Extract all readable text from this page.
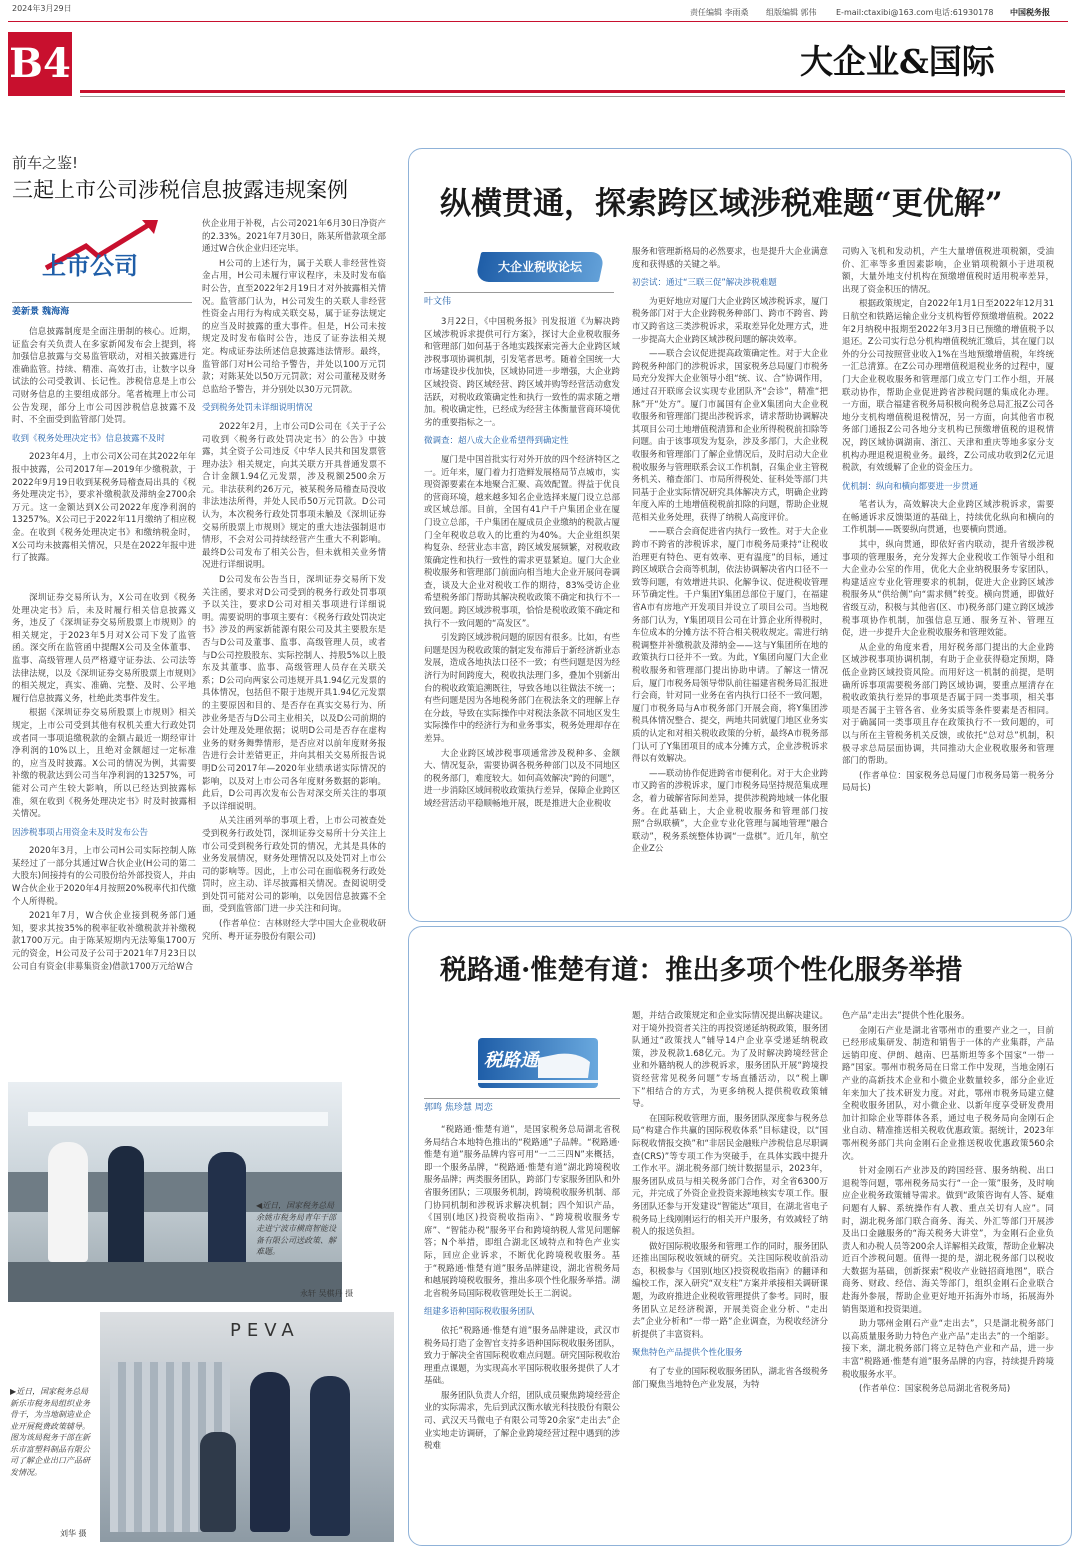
2024年3月29日	责任编辑 李雨桑 组版编辑 郭伟 E-mail:ctaxibi@163.com 电话:61930178 中国税务报
B4	大企业&国际
前车之鉴!
三起上市公司涉税信息披露违规案例
上市公司
姜新景 魏海海

信息披露制度是全面注册制的核心。近期，证监会有关负责人在多家新闻发布会上提到，将加强信息披露与交易监管联动，对相关披露进行准确监管。持续、精准、高效打击，让数字以身试法的公司受教训、长记性。涉税信息是上市公司财务信息的主要组成部分。笔者梳理上市公司公告发现，部分上市公司因涉税信息披露不及时、不全面受到监管部门处罚。

收到《税务处理决定书》信息披露不及时

2023年4月，上市公司X公司在其2022年年报中披露，公司2017年—2019年少缴税款，于2022年9月19日收到某税务局稽查局出具的《税务处理决定书》，要求补缴税款及滞纳金2700余万元。这一金额达到X公司2022年度净利润的13257%。X公司已于2022年11月缴纳了相应税金。在收到《税务处理决定书》和缴纳税金时，X公司均未披露相关情况，只是在2022年报中进行了披露。

深圳证券交易所认为，X公司在收到《税务处理决定书》后，未及时履行相关信息披露义务，违反了《深圳证券交易所股票上市规则》的相关规定，于2023年5月对X公司下发了监管函。深交所在监管函中提醒X公司及全体董事、监事、高级管理人员严格遵守证券法、公司法等法律法规，以及《深圳证券交易所股票上市规则》的相关规定，真实、准确、完整、及时、公平地履行信息披露义务，杜绝此类事件发生。

根据《深圳证券交易所股票上市规则》相关规定，上市公司受到其他有权机关重大行政处罚或者同一事项追缴税款的金额占最近一期经审计净利润的10%以上，且绝对金额超过一定标准的，应当及时披露。X公司的情况为例，其需要补缴的税款达到公司当年净利润的13257%，可能对公司产生较大影响，所以已经达到披露标准，须在收到《税务处理决定书》时及时披露相关情况。

因涉税事项占用资金未及时发布公告

2020年3月，上市公司H公司实际控制人陈某经过了一部分其通过W合伙企业(H公司的第二大股东)间接持有的公司股份给外部投资人，并由W合伙企业于2020年4月按照20%税率代扣代缴个人所得税。

2021年7月，W合伙企业接到税务部门通知，要求其按35%的税率征收补缴税款并补缴税款1700万元。由于陈某短期内无法筹集1700万元的资金，H公司及子公司于2021年7月23日以公司自有资金(非募集资金)借款1700万元给W合

伙企业用于补税，占公司2021年6月30日净资产的2.33%。2021年7月30日，陈某所借款项全部通过W合伙企业归还完毕。

H公司的上述行为，属于关联人非经营性资金占用，H公司未履行审议程序，未及时发布临时公告，直至2022年2月19日才对外披露相关情况。监管部门认为，H公司发生的关联人非经营性资金占用行为构成关联交易，属于证券法规定的应当及时披露的重大事件。但是，H公司未按规定及时发布临时公告，违反了证券法相关规定。构成证券法所述信息披露违法情形。最终，监管部门对H公司给予警告，并处以100万元罚款；对陈某处以50万元罚款；对公司董秘及财务总监给予警告，并分别处以30万元罚款。

受到税务处罚未详细说明情况

2022年2月，上市公司D公司在《关于子公司收到〈税务行政处罚决定书〉的公告》中披露，其全资子公司违反《中华人民共和国发票管理办法》相关规定，向其关联方开具普通发票不合计金额1.94亿元发票，涉及税额2500余万元。非法获利约26万元，被某税务局稽查局没收非法违法所得，并处人民币50万元罚款。D公司认为，本次税务行政处罚事项未触及《深圳证券交易所股票上市规则》规定的重大违法强制退市情形，不会对公司持续经营产生重大不利影响。最终D公司发布了相关公告，但未就相关业务情况进行详细说明。

D公司发布公告当日，深圳证券交易所下发关注函，要求对D公司受到的税务行政处罚事项予以关注，要求D公司对相关事项进行详细说明。需要说明的事项主要有：《税务行政处罚决定书》涉及的两家新能源有限公司及其主要股东是否与D公司及董事、监事、高级管理人员，或者与D公司控股股东、实际控制人、持股5%以上股东及其董事、监事、高级管理人员存在关联关系；D公司向两家公司违规开具1.94亿元发票的具体情况，包括但不限于违规开具1.94亿元发票的主要原因和目的、是否存在真实交易行为、所涉业务是否与D公司主业相关，以及D公司前期的会计处理及处理依据；说明D公司是否存在虚构业务的财务舞弊情形，是否应对以前年度财务报告进行会计差错更正，并向其相关交易所报告说明D公司2017年—2020年业绩承诺实际情况的影响，以及对上市公司各年度财务数据的影响。此后，D公司再次发布公告对深交所关注的事项予以详细说明。

从关注函列举的事项上看，上市公司被查处受到税务行政处罚，深圳证券交易所十分关注上市公司受到税务行政处罚的情况，尤其是具体的业务发展情况，财务处理情况以及处罚对上市公司的影响等。因此，上市公司在面临税务行政处罚时，应主动、详尽披露相关情况。查阅说明受到处罚可能对公司的影响，以免因信息披露不全面，受到监管部门进一步关注和问询。

(作者单位：吉林财经大学中国大企业税收研究所、粤开证券股份有限公司)

◀近日，国家税务总局余姚市税务局青年干部走进宁波市横商智能设备有限公司送政策、解难题。
永轩 吴棋丹 摄
PEVA
▶近日，国家税务总局新乐市税务局组织业务骨干，为当地制造业企业开展税费政策辅导。图为该局税务干部在新乐市富塑料制品有限公司了解企业出口产品研发情况。
刘华 摄
纵横贯通，探索跨区域涉税难题“更优解”
大企业税收论坛
叶文伟

3月22日，《中国税务报》刊发报道《为解决跨区域涉税诉求提供可行方案》，探讨大企业税收服务和管理部门如何基于各地实践探索完善大企业跨区域涉税事项协调机制，引发笔者思考。随着全国统一大市场建设步伐加快，区域协同进一步增强，大企业跨区域投资、跨区域经营、跨区域并购等经营活动愈发活跃，对税收政策确定性和执行一致性的需求随之增加。税收确定性，已经成为经营主体衡量营商环境优劣的重要指标之一。

微调查：超八成大企业希望得到确定性

厦门是中国首批实行对外开放的四个经济特区之一。近年来，厦门着力打造鲜发展格局节点城市，实现资源要素在本地聚合汇聚、高效配置。得益于优良的营商环境，越来越多知名企业选择来厦门设立总部或区域总部。目前，全国有41户千户集团企业在厦门设立总部，千户集团在厦成员企业缴纳的税款占厦门全年税收总收入的比重约为40%。大企业组织架构复杂、经营业态丰富，跨区域发展频繁，对税收政策确定性和执行一致性的需求更显紧迫。厦门大企业税收服务和管理部门前面向相当地大企业开展问卷调查，谈及大企业对税收工作的期待，83%受访企业希望税务部门帮助其解决税收政策不确定和执行不一致问题。跨区域涉税事项，恰恰是税收政策不确定和执行不一致问题的“高发区”。

引发跨区域涉税问题的原因有很多。比如，有些问题是因为税收政策的制定发布滞后于新经济新业态发展，造成各地执法口径不一致；有些问题是因为经济行为时间跨度大，税收执法理门多，叠加个别新出台的税收政策追溯既往，导致各地以往做法不统一；有些问题是因为各地税务部门在税法条文的理解上存在分歧，导致在实际操作中对税法条款不同地区发生实际操作中的经济行为和业务事实，税务处理却存在差异。

大企业跨区域涉税事项通常涉及税种多、金额大、情况复杂，需要协调各税务种部门以及不同地区的税务部门，难度较大。如何高效解决“跨的问题”，进一步消除区域间税收政策执行差异，保障企业跨区域经营活动平稳顺畅地开展，既是推进大企业税收

服务和管理新格局的必然要求，也是提升大企业满意度和获得感的关键之举。

初尝试：通过“三联三促”解决涉税难题

为更好地应对厦门大企业跨区域涉税诉求，厦门税务部门对于大企业跨税务种部门、跨市不跨省、跨市又跨省这三类涉税诉求，采取差异化处理方式，进一步提高大企业跨区域涉税问题的解决效率。

——联合会议促进提高政策确定性。对于大企业跨税务种部门的涉税诉求，国家税务总局厦门市税务局充分发挥大企业领导小组“统、议、合”协调作用，通过召开联席会议实现专业团队齐“会诊”，精准“把脉”开“处方”。厦门市属国有企业X集团向大企业税收服务和管理部门提出涉税诉求，请求帮助协调解决其项目公司土地增值税清算和企业所得税税前扣除等问题。由于该事项发为复杂，涉及多部门，大企业税收服务和管理部门了解企业情况后，及时启动大企业税收服务与管理联系会议工作机制，召集企业主管税务机关、稽查部门、市局所得税处、征科处等部门共同基于企业实际情况研究具体解决方式，明确企业跨年度入库的土地增值税税前扣除的问题，帮助企业规范相关业务处理，获得了纳税人高度评价。

——联合会商促进省内执行一致性。对于大企业跨市不跨省的涉税诉求，厦门市税务局秉持“让税收治理更有特色、更有效率、更有温度”的目标，通过跨区域联合会商等机制，依法协调解决省内口径不一致等问题，有效增进共识、化解争议、促进税收管理环节确定性。千户集团Y集团总部位于厦门，在福建省A市有房地产开发项目并设立了项目公司。当地税务部门认为，Y集团项目公司在计算企业所得税时，车位成本的分摊方法不符合相关税收规定。需进行纳税调整并补缴税款及滞纳金——这与Y集团所在地的政策执行口径并不一致。为此，Y集团向厦门大企业税收服务和管理部门提出协助申请。了解这一情况后，厦门市税务局领导带队前往福建省税务局汇报进行会商，针对同一业务在省内执行口径不一致问题，厦门市税务局与A市税务部门开展会商，将Y集团涉税具体情况整合、提交，两地共同就厦门地区业务实质的认定和对相关税收政策的分析，最终A市税务部门认可了Y集团项目的成本分摊方式，企业涉税诉求得以有效解决。

——联动协作促进跨省市便利化。对于大企业跨市又跨省的涉税诉求，厦门市税务局坚持规范集成理念，着力破解省际间差异，提供涉税跨地域一体化服务。在此基础上，大企业税收服务和管理部门按照“合纵联横”，大企业专业化管理与属地管理“融合联动”，税务系统整体协调“一盘棋”。近几年，航空企业Z公

司购入飞机和发动机，产生大量增值税进项税额，受油价、汇率等多重因素影响，企业销项税额小于进项税额，大量外地支付机构在预缴增值税时适用税率差异，出现了资金积压的情况。

根据政策规定，自2022年1月1日至2022年12月31日航空和铁路运输企业分支机构暂停预缴增值税。2022年2月纳税申报期至2022年3月3日已预缴的增值税予以退还。Z公司实行总分机构增值税统汇缴后，其在厦门以外的分公司按照营业收入1%在当地预缴增值税，年终统一汇总清算。在Z公司办理增值税退税业务的过程中，厦门大企业税收服务和管理部门成立专门工作小组，开展联动协作，帮助企业促进跨省涉税问题的集成化办理。一方面，联合福建省税务局积极向税务总局汇报Z公司各地分支机构增值税退税情况，另一方面，向其他省市税务部门通报Z公司各地分支机构已预缴增值税的退税情况，跨区域协调湖南、浙江、天津和重庆等地多家分支机构办理退税退税业务。最终，Z公司成功收到2亿元退税款，有效缓解了企业的资金压力。

优机制：纵向和横向都要进一步贯通

笔者认为，高效解决大企业跨区域涉税诉求，需要在畅通诉求反馈渠道的基础上，持续优化纵向和横向的工作机制——既要纵向贯通，也要横向贯通。

其中，纵向贯通，即依好省内联动，提升省级涉税事项的管理服务，充分发挥大企业税收工作领导小组和大企业办公室的作用，优化大企业纳税服务专家团队，构建适应专业化管理要求的机制，促进大企业跨区域涉税服务从“供给侧”向“需求侧”转变。横向贯通，即做好省级互动，积极与其他省(区、市)税务部门建立跨区域涉税事项协作机制，加强信息互通、服务互补、管理互促，进一步提升大企业税收服务和管理效能。

从企业的角度来看，用好税务部门提出的大企业跨区域涉税事项协调机制，有助于企业获得稳定预期，降低企业跨区域投资风险。而用好这一机制的前提，是明确所诉事项需要税务部门跨区域协调，要重点厘清存在税收政策执行差异的事项是否属于同一类事项，相关事项是否属于主管各省、业务实质等条件要素是否相同。对于确属同一类事项且存在政策执行不一致问题的，可以与所在主管税务机关反馈，或依托“总对总”机制，积极寻求总局层面协调，共同推动大企业税收服务和管理部门的帮助。

(作者单位：国家税务总局厦门市税务局第一税务分局局长)

税路通·惟楚有道：推出多项个性化服务举措
税路通
郭鸣 焦珍慧 周恋

“税路通·惟楚有道”，是国家税务总局湖北省税务局结合本地特色推出的“税路通”子品牌。“税路通·惟楚有道”服务品牌内容可用“一二三四N”来概括，即一个服务品牌，“税路通·惟楚有道”湖北跨境税收服务品牌；两类服务团队，跨部门专家服务团队和外省服务团队；三项服务机制，跨境税收服务机制、部门协同机制和涉税诉求解决机制；四个知识产品，《国别(地区)投资税收指南》、“跨境税收服务专席”、“智能办税”服务平台和跨境纳税人常见问题解答；N个举措，即组合湖北区域特点和特色产业实际，回应企业诉求，不断优化跨境税收服务。基于“税路通·惟楚有道”服务品牌建设，湖北省税务局和越展跨境税收服务，推出多项个性化服务举措。湖北省税务局国际税收管理处长王二润说。

组建多语种国际税收服务团队

依托“税路通·惟楚有道”服务品牌建设，武汉市税务局打造了金智官支持多语种国际税收服务团队，致力于解决全省国际税收难点问题。研究国际税收治理重点课题，为实现高水平国际税收服务提供了人才基础。

服务团队负责人介绍，团队成员聚焦跨境经营企业的实际需求，先后到武汉衡水敏光科技股份有限公司、武汉天马微电子有限公司等20余家“走出去”企业实地走访调研，了解企业跨境经营过程中遇到的涉税难

题，并结合政策规定和企业实际情况提出解决建议。对于境外投资者关注的再投资递延纳税政策，服务团队通过“政策找人”辅导14户企业享受递延纳税政策，涉及税款1.68亿元。为了及时解决跨境经营企业和外籍纳税人的涉税诉求，服务团队开展“跨境投资经营常见税务问题”专场直播活动，以“税上聊下”相结合的方式，为更多纳税人提供税收政策辅导。

在国际税收管理方面，服务团队深度参与税务总局“构建合作共赢的国际税收体系”目标建设，以“国际税收情报交换”和“非居民金融账户涉税信息尽职调查(CRS)”等专项工作为突破手，在具体实践中提升工作水平。湖北税务部门统计数据显示，2023年，服务团队成员与相关税务部门合作，对全省6300万元，并完成了外资企业投资来源地核实专项工作。服务团队还参与开发建设“智能达”项目，在湖北省电子税务局上线刚刚运行的相关开户服务，有效减轻了纳税人的报送负担。

做好国际税收服务和管理工作的同时，服务团队还推出国际税收领域的研究。关注国际税收前沿动态，积极参与《国别(地区)投资税收指南》的翻译和编校工作，深入研究“双支柱”方案并承接相关调研课题，为政府推进企业税收管理提供了参考。同时，服务团队立足经济税源，开展美资企业分析、“走出去”企业分析和“一带一路”企业调查，为税收经济分析提供了丰富资料。

聚焦特色产品提供个性化服务

有了专业的国际税收服务团队，湖北省各级税务部门聚焦当地特色产业发展，为特

色产品“走出去”提供个性化服务。

金刚石产业是湖北省鄂州市的重要产业之一，目前已经形成集研发、制造和销售于一体的产业集群，产品远销印度、伊朗、越南、巴基斯坦等多个国家“一带一路”国家。鄂州市税务局在日常工作中发现，当地金刚石产业的高新技术企业和小微企业数量较多，部分企业近年来加大了技术研发力度。对此，鄂州市税务局建立健全税收服务团队，对小微企业、以新年度享受研发费用加计扣除企业等群体各系，通过电子税务局向金刚石企业自动、精准推送相关税收优惠政策。据统计，2023年鄂州税务部门共向金刚石企业推送税收优惠政策560余次。

针对金刚石产业涉及的跨国经营、服务纳税、出口退税等问题，鄂州税务局实行“一企一策”服务，及时响应企业税务政策辅导需求。做到“政策咨询有人答、疑难问题有人解、系统操作有人教、重点关切有人应”。同时，湖北税务部门联合商务、海关、外汇等部门开展涉及出口金融服务的“海关税务大讲堂”，为金刚石企业负责人和办税人员等200余人详解相关政策，帮助企业解决近百个涉税问题。值得一提的是，湖北税务部门以税收大数据为基础，创新探索“税收产业链招商地图”，联合商务、财政、经信、海关等部门，组织金刚石企业联合赴海外参展，帮助企业更好地开拓海外市场，拓展海外销售渠道和投资渠道。

助力鄂州金刚石产业“走出去”，只是湖北税务部门以高质量服务助力特色产业产品“走出去”的一个缩影。接下来，湖北税务部门将立足特色产业和产品，进一步丰富“税路通·惟楚有道”服务品牌的内容，持续提升跨境税收服务水平。

(作者单位：国家税务总局湖北省税务局)
